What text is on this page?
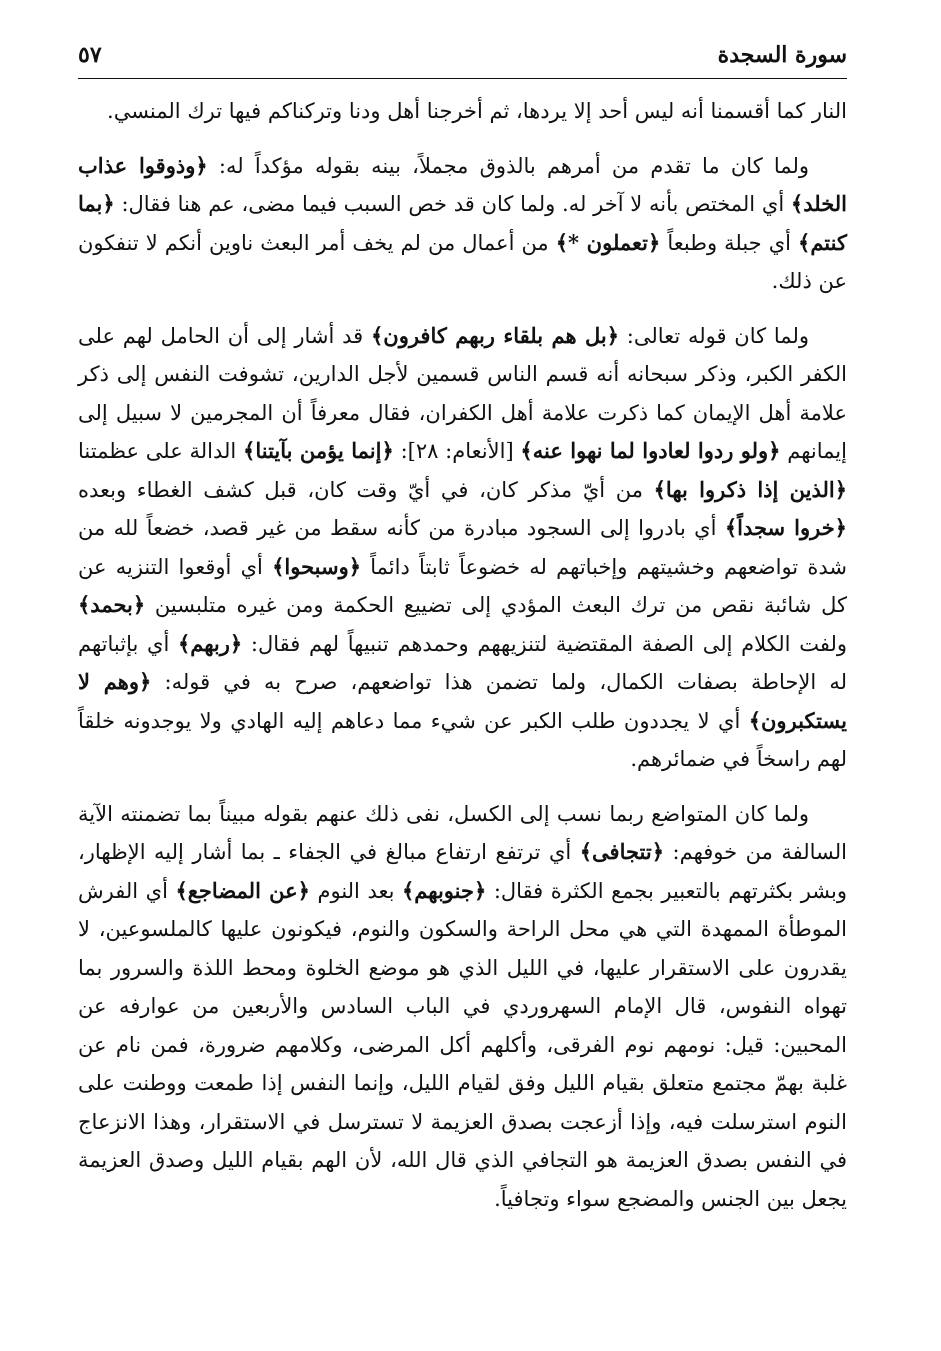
سورة السجدة
٥٧

النار كما أقسمنا أنه ليس أحد إلا يردها، ثم أخرجنا أهل ودنا وتركناكم فيها ترك المنسي.

ولما كان ما تقدم من أمرهم بالذوق مجملاً، بينه بقوله مؤكداً له: ﴿وذوقوا عذاب الخلد﴾ أي المختص بأنه لا آخر له. ولما كان قد خص السبب فيما مضى، عم هنا فقال: ﴿بما كنتم﴾ أي جبلة وطبعاً ﴿تعملون *﴾ من أعمال من لم يخف أمر البعث ناوين أنكم لا تنفكون عن ذلك.

ولما كان قوله تعالى: ﴿بل هم بلقاء ربهم كافرون﴾ قد أشار إلى أن الحامل لهم على الكفر الكبر، وذكر سبحانه أنه قسم الناس قسمين لأجل الدارين، تشوفت النفس إلى ذكر علامة أهل الإيمان كما ذكرت علامة أهل الكفران، فقال معرفاً أن المجرمين لا سبيل إلى إيمانهم ﴿ولو ردوا لعادوا لما نهوا عنه﴾ [الأنعام: ٢٨]: ﴿إنما يؤمن بآيتنا﴾ الدالة على عظمتنا ﴿الذين إذا ذكروا بها﴾ من أيّ مذكر كان، في أيّ وقت كان، قبل كشف الغطاء وبعده ﴿خروا سجداً﴾ أي بادروا إلى السجود مبادرة من كأنه سقط من غير قصد، خضعاً لله من شدة تواضعهم وخشيتهم وإخباتهم له خضوعاً ثابتاً دائماً ﴿وسبحوا﴾ أي أوقعوا التنزيه عن كل شائبة نقص من ترك البعث المؤدي إلى تضييع الحكمة ومن غيره متلبسين ﴿بحمد﴾ ولفت الكلام إلى الصفة المقتضية لتنزيههم وحمدهم تنبيهاً لهم فقال: ﴿ربهم﴾ أي بإثباتهم له الإحاطة بصفات الكمال، ولما تضمن هذا تواضعهم، صرح به في قوله: ﴿وهم لا يستكبرون﴾ أي لا يجددون طلب الكبر عن شيء مما دعاهم إليه الهادي ولا يوجدونه خلقاً لهم راسخاً في ضمائرهم.

ولما كان المتواضع ربما نسب إلى الكسل، نفى ذلك عنهم بقوله مبيناً بما تضمنته الآية السالفة من خوفهم: ﴿تتجافى﴾ أي ترتفع ارتفاع مبالغ في الجفاء ـ بما أشار إليه الإظهار، وبشر بكثرتهم بالتعبير بجمع الكثرة فقال: ﴿جنوبهم﴾ بعد النوم ﴿عن المضاجع﴾ أي الفرش الموطأة الممهدة التي هي محل الراحة والسكون والنوم، فيكونون عليها كالملسوعين، لا يقدرون على الاستقرار عليها، في الليل الذي هو موضع الخلوة ومحط اللذة والسرور بما تهواه النفوس، قال الإمام السهروردي في الباب السادس والأربعين من عوارفه عن المحبين: قيل: نومهم نوم الفرقى، وأكلهم أكل المرضى، وكلامهم ضرورة، فمن نام عن غلبة بهمّ مجتمع متعلق بقيام الليل وفق لقيام الليل، وإنما النفس إذا طمعت ووطنت على النوم استرسلت فيه، وإذا أزعجت بصدق العزيمة لا تسترسل في الاستقرار، وهذا الانزعاج في النفس بصدق العزيمة هو التجافي الذي قال الله، لأن الهم بقيام الليل وصدق العزيمة يجعل بين الجنس والمضجع سواء وتجافياً.
